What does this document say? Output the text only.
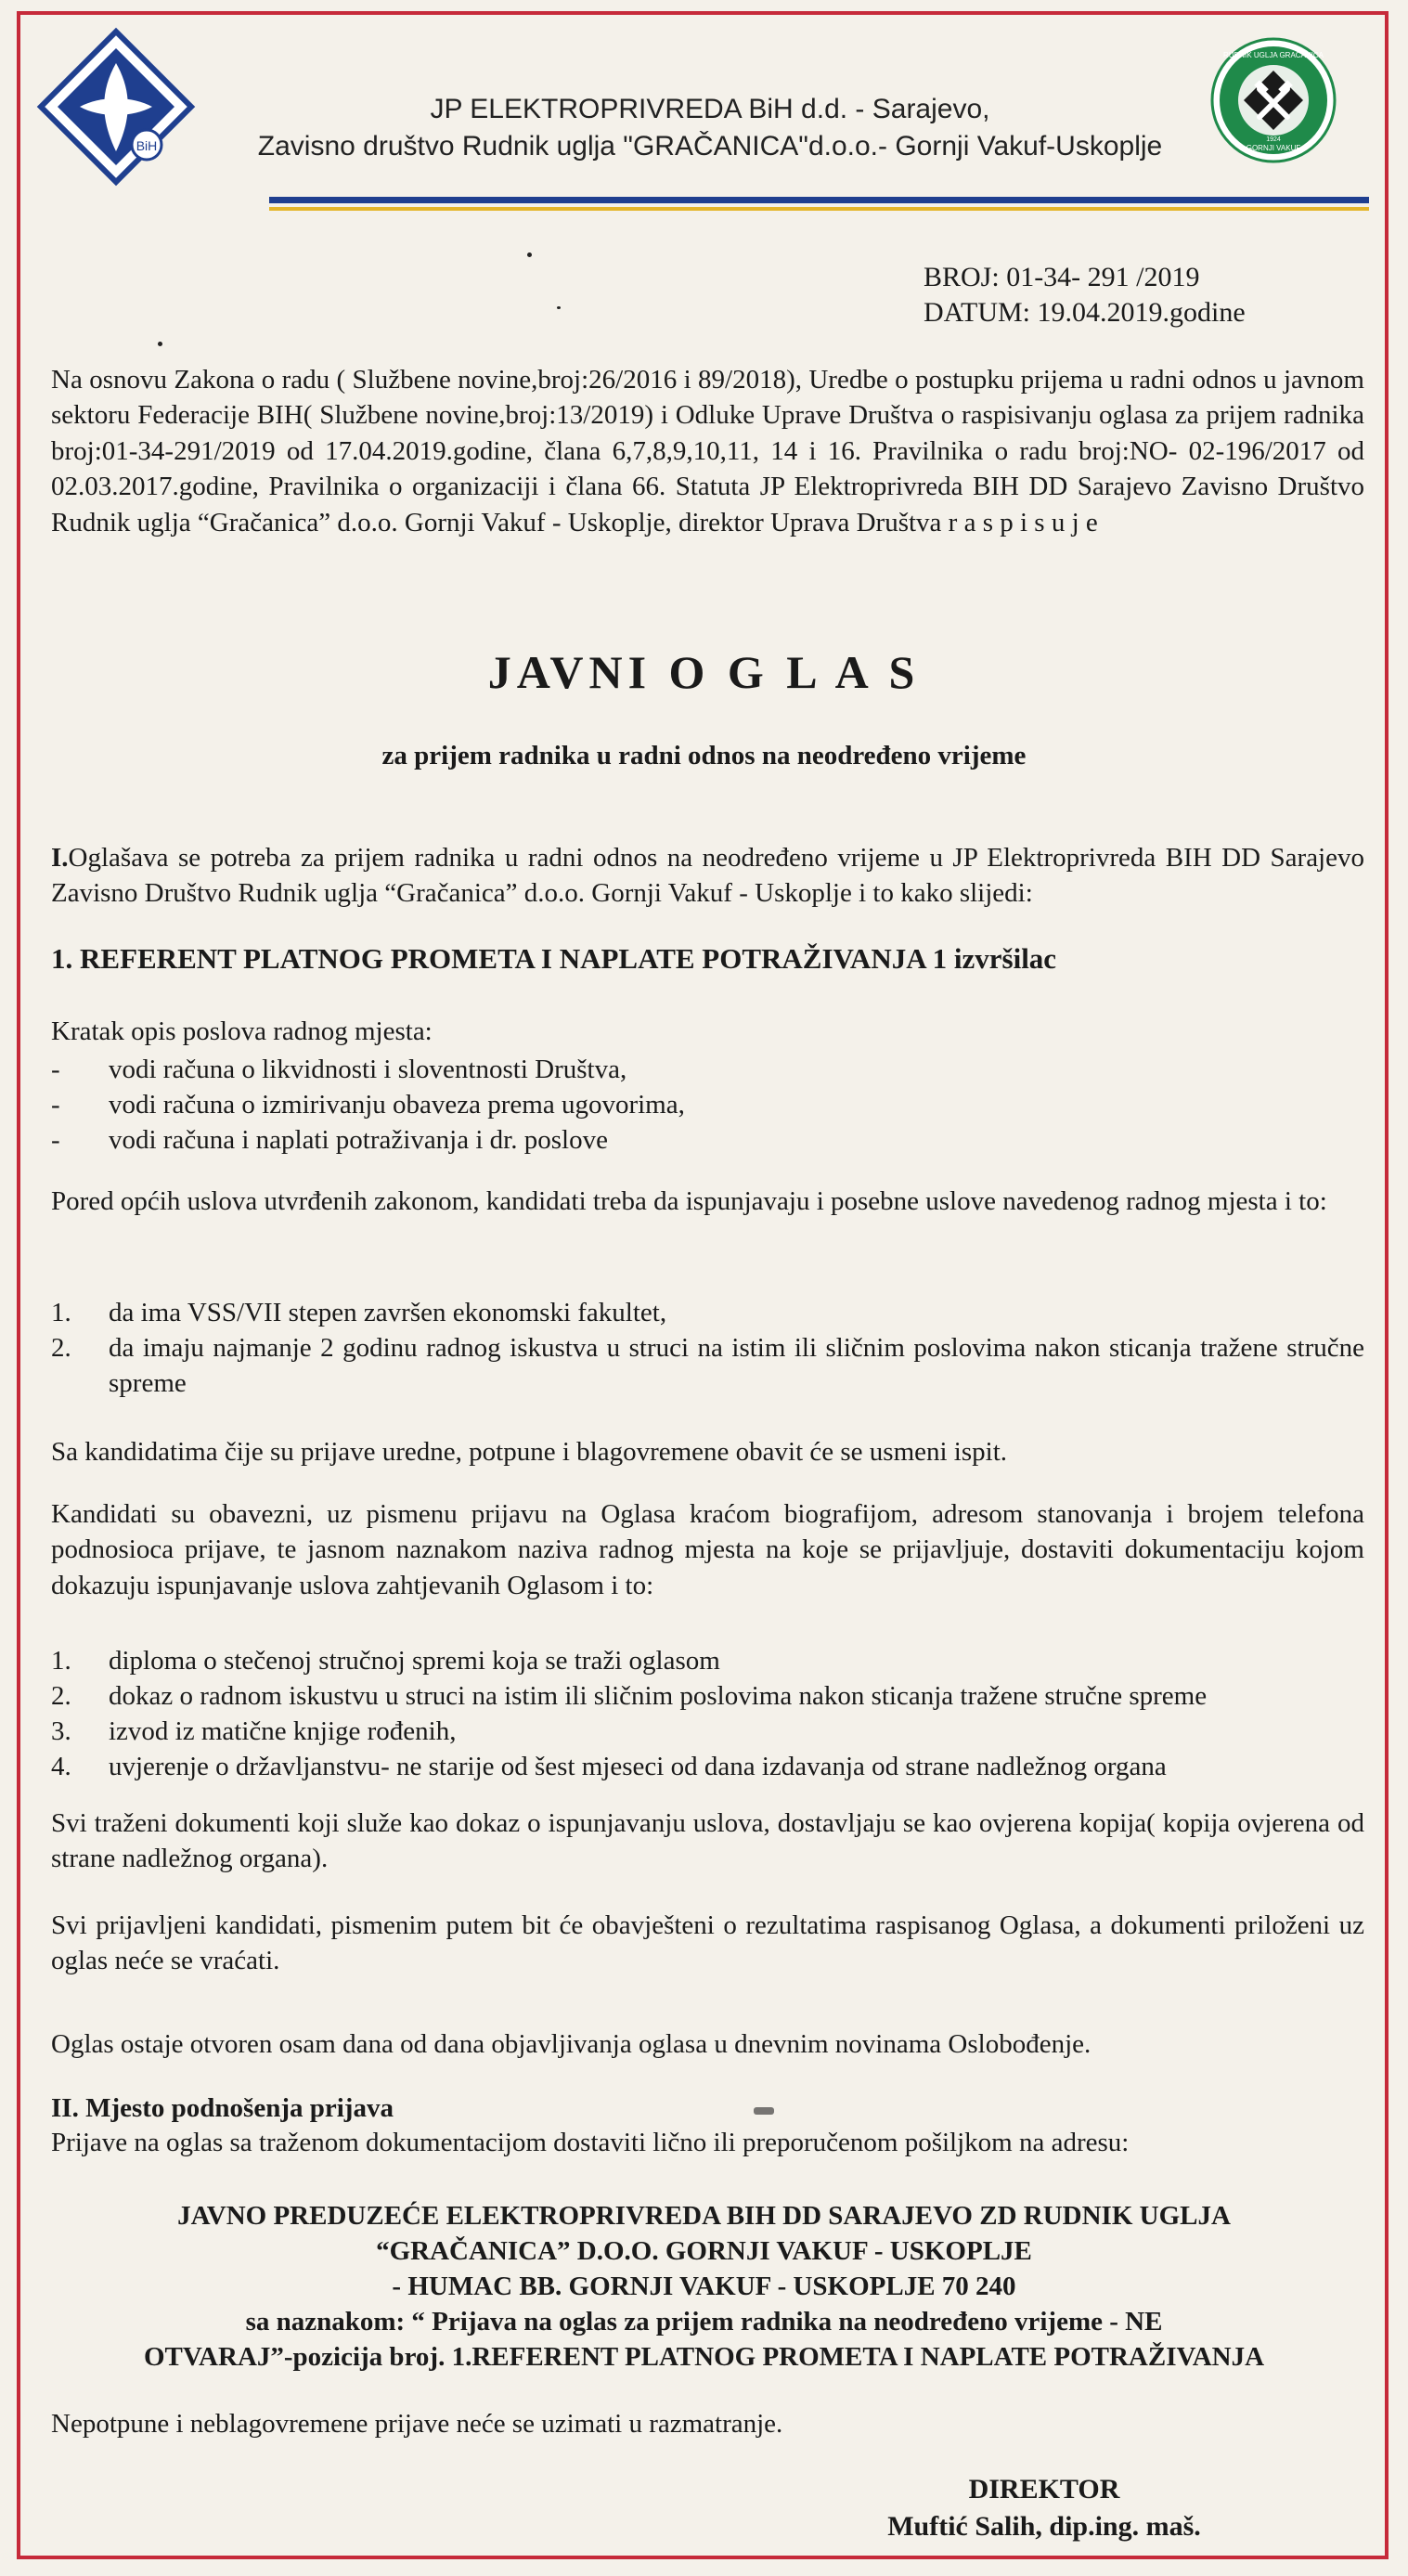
BiH
JP ELEKTROPRIVREDA BiH d.d. - Sarajevo,
Zavisno društvo Rudnik uglja "GRAČANICA"d.o.o.- Gornji Vakuf-Uskoplje
RUDNIK UGLJA GRAČANICA
GORNJI VAKUF
1924
BROJ: 01-34- 291 /2019
DATUM: 19.04.2019.godine
Na osnovu Zakona o radu ( Službene novine,broj:26/2016 i 89/2018), Uredbe o postupku prijema u radni odnos u javnom sektoru Federacije BIH( Službene novine,broj:13/2019) i Odluke Uprave Društva o raspisivanju oglasa za prijem radnika broj:01-34-291/2019 od 17.04.2019.godine, člana 6,7,8,9,10,11, 14 i 16. Pravilnika o radu broj:NO- 02-196/2017 od 02.03.2017.godine, Pravilnika o organizaciji i člana 66. Statuta JP Elektroprivreda BIH DD Sarajevo Zavisno Društvo Rudnik uglja “Gračanica” d.o.o. Gornji Vakuf - Uskoplje, direktor Uprava Društva r a s p i s u j e
JAVNI O G L A S
za prijem radnika u radni odnos na neodređeno vrijeme
I.Oglašava se potreba za prijem radnika u radni odnos na neodređeno vrijeme u JP Elektroprivreda BIH DD Sarajevo Zavisno Društvo Rudnik uglja “Gračanica” d.o.o. Gornji Vakuf - Uskoplje i to kako slijedi:
1. REFERENT PLATNOG PROMETA I NAPLATE POTRAŽIVANJA 1 izvršilac
Kratak opis poslova radnog mjesta:
- vodi računa o likvidnosti i sloventnosti Društva,
- vodi računa o izmirivanju obaveza prema ugovorima,
- vodi računa i naplati potraživanja i dr. poslove
Pored općih uslova utvrđenih zakonom, kandidati treba da ispunjavaju i posebne uslove navedenog radnog mjesta i to:
1. da ima VSS/VII stepen završen ekonomski fakultet,
2. da imaju najmanje 2 godinu radnog iskustva u struci na istim ili sličnim poslovima nakon sticanja tražene stručne spreme
Sa kandidatima čije su prijave uredne, potpune i blagovremene obavit će se usmeni ispit.
Kandidati su obavezni, uz pismenu prijavu na Oglasa kraćom biografijom, adresom stanovanja i brojem telefona podnosioca prijave, te jasnom naznakom naziva radnog mjesta na koje se prijavljuje, dostaviti dokumentaciju kojom dokazuju ispunjavanje uslova zahtjevanih Oglasom i to:
1. diploma o stečenoj stručnoj spremi koja se traži oglasom
2. dokaz o radnom iskustvu u struci na istim ili sličnim poslovima nakon sticanja tražene stručne spreme
3. izvod iz matične knjige rođenih,
4. uvjerenje o državljanstvu- ne starije od šest mjeseci od dana izdavanja od strane nadležnog organa
Svi traženi dokumenti koji služe kao dokaz o ispunjavanju uslova, dostavljaju se kao ovjerena kopija( kopija ovjerena od strane nadležnog organa).
Svi prijavljeni kandidati, pismenim putem bit će obavješteni o rezultatima raspisanog Oglasa, a dokumenti priloženi uz oglas neće se vraćati.
Oglas ostaje otvoren osam dana od dana objavljivanja oglasa u dnevnim novinama Oslobođenje.
II. Mjesto podnošenja prijava
Prijave na oglas sa traženom dokumentacijom dostaviti lično ili preporučenom pošiljkom na adresu:
JAVNO PREDUZEĆE ELEKTROPRIVREDA BIH DD SARAJEVO ZD RUDNIK UGLJA
“GRAČANICA” D.O.O. GORNJI VAKUF - USKOPLJE
- HUMAC BB. GORNJI VAKUF - USKOPLJE 70 240
sa naznakom: “ Prijava na oglas za prijem radnika na neodređeno vrijeme - NE
OTVARAJ”-pozicija broj. 1.REFERENT PLATNOG PROMETA I NAPLATE POTRAŽIVANJA
Nepotpune i neblagovremene prijave neće se uzimati u razmatranje.
DIREKTOR
Muftić Salih, dip.ing. maš.
